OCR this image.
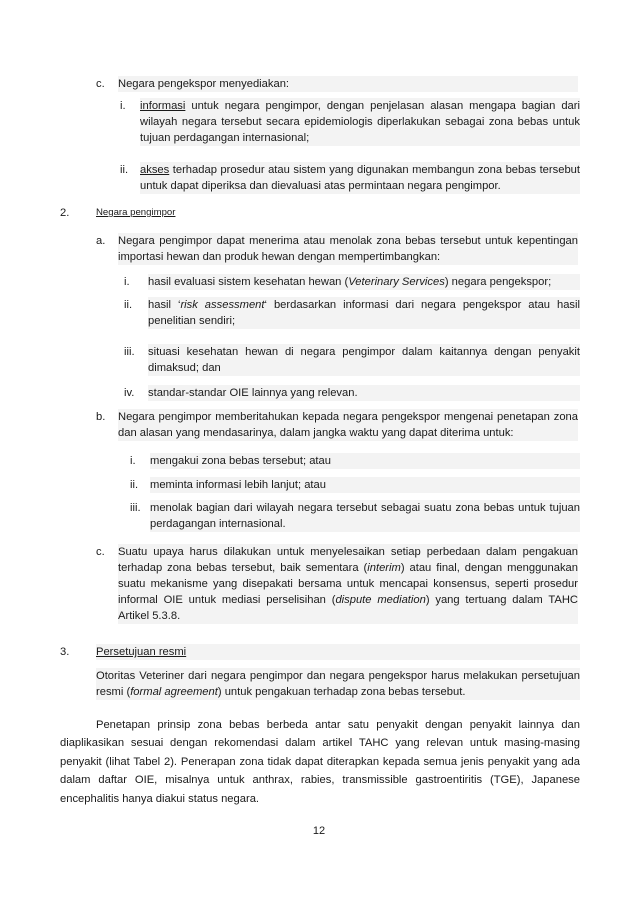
c. Negara pengekspor menyediakan:
i. informasi untuk negara pengimpor, dengan penjelasan alasan mengapa bagian dari wilayah negara tersebut secara epidemiologis diperlakukan sebagai zona bebas untuk tujuan perdagangan internasional;
ii. akses terhadap prosedur atau sistem yang digunakan membangun zona bebas tersebut untuk dapat diperiksa dan dievaluasi atas permintaan negara pengimpor.
2.	Negara pengimpor
a. Negara pengimpor dapat menerima atau menolak zona bebas tersebut untuk kepentingan importasi hewan dan produk hewan dengan mempertimbangkan:
i. hasil evaluasi sistem kesehatan hewan (Veterinary Services) negara pengekspor;
ii. hasil ‘risk assessment‘ berdasarkan informasi dari negara pengekspor atau hasil penelitian sendiri;
iii. situasi kesehatan hewan di negara pengimpor dalam kaitannya dengan penyakit dimaksud; dan
iv. standar-standar OIE lainnya yang relevan.
b. Negara pengimpor memberitahukan kepada negara pengekspor mengenai penetapan zona dan alasan yang mendasarinya, dalam jangka waktu yang dapat diterima untuk:
i. mengakui zona bebas tersebut; atau
ii. meminta informasi lebih lanjut; atau
iii. menolak bagian dari wilayah negara tersebut sebagai suatu zona bebas untuk tujuan perdagangan internasional.
c. Suatu upaya harus dilakukan untuk menyelesaikan setiap perbedaan dalam pengakuan terhadap zona bebas tersebut, baik sementara (interim) atau final, dengan menggunakan suatu mekanisme yang disepakati bersama untuk mencapai konsensus, seperti prosedur informal OIE untuk mediasi perselisihan (dispute mediation) yang tertuang dalam TAHC Artikel 5.3.8.
3. Persetujuan resmi
Otoritas Veteriner dari negara pengimpor dan negara pengekspor harus melakukan persetujuan resmi (formal agreement) untuk pengakuan terhadap zona bebas tersebut.
Penetapan prinsip zona bebas berbeda antar satu penyakit dengan penyakit lainnya dan diaplikasikan sesuai dengan rekomendasi dalam artikel TAHC yang relevan untuk masing-masing penyakit (lihat Tabel 2). Penerapan zona tidak dapat diterapkan kepada semua jenis penyakit yang ada dalam daftar OIE, misalnya untuk anthrax, rabies, transmissible gastroentiritis (TGE), Japanese encephalitis hanya diakui status negara.
12
